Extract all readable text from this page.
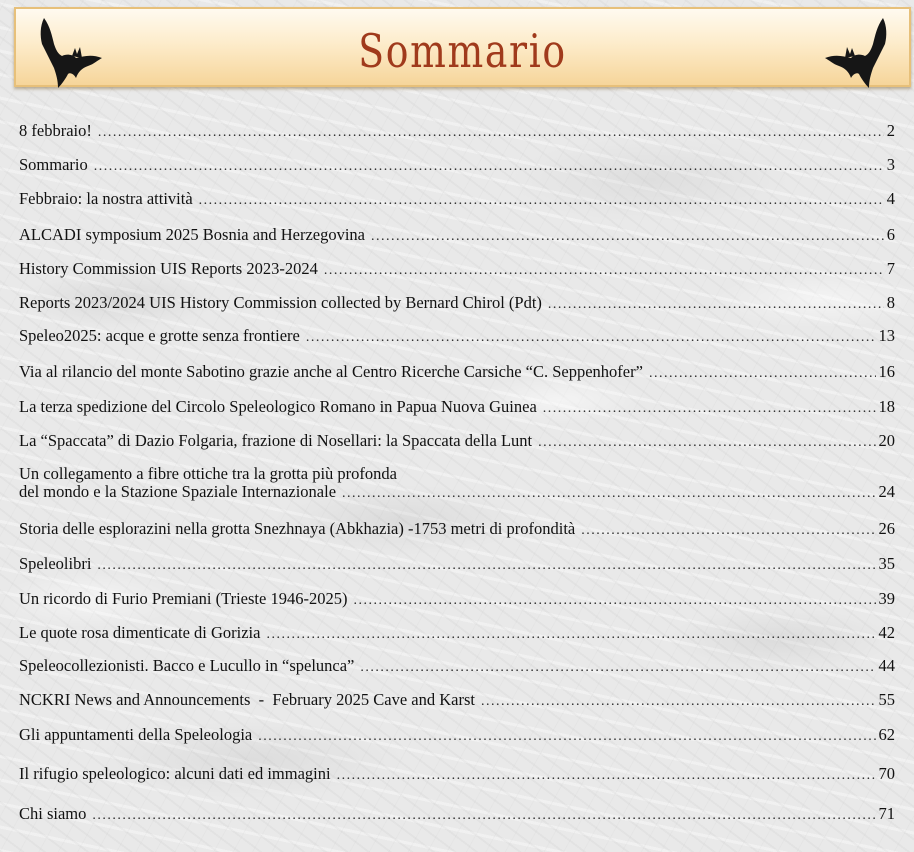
Sommario
8 febbraio! . . .	2
Sommario . . .	3
Febbraio: la nostra attività . . .	4
ALCADI symposium 2025 Bosnia and Herzegovina . . .	6
History Commission UIS Reports 2023-2024 . . .	7
Reports 2023/2024 UIS History Commission collected by Bernard Chirol (Pdt) . . .	8
Speleo2025: acque e grotte senza frontiere . . .	13
Via al rilancio del monte Sabotino grazie anche al Centro Ricerche Carsiche “C. Seppenhofer” . . .	16
La terza spedizione del Circolo Speleologico Romano in Papua Nuova Guinea . . .	18
La “Spaccata” di Dazio Folgaria, frazione di Nosellari: la Spaccata della Lunt . . .	20
Un collegamento a fibre ottiche tra la grotta più profonda
del mondo e la Stazione Spaziale Internazionale . . .	24
Storia delle esplorazini nella grotta Snezhnaya (Abkhazia) -1753 metri di profondità . . .	26
Speleolibri . . .	35
Un ricordo di Furio Premiani (Trieste 1946-2025) . . .	39
Le quote rosa dimenticate di Gorizia . . .	42
Speleocollezionisti. Bacco e Lucullo in “spelunca” . . .	44
NCKRI News and Announcements  -  February 2025 Cave and Karst . . .	55
Gli appuntamenti della Speleologia . . .	62
Il rifugio speleologico: alcuni dati ed immagini . . .	70
Chi siamo . . .	71
